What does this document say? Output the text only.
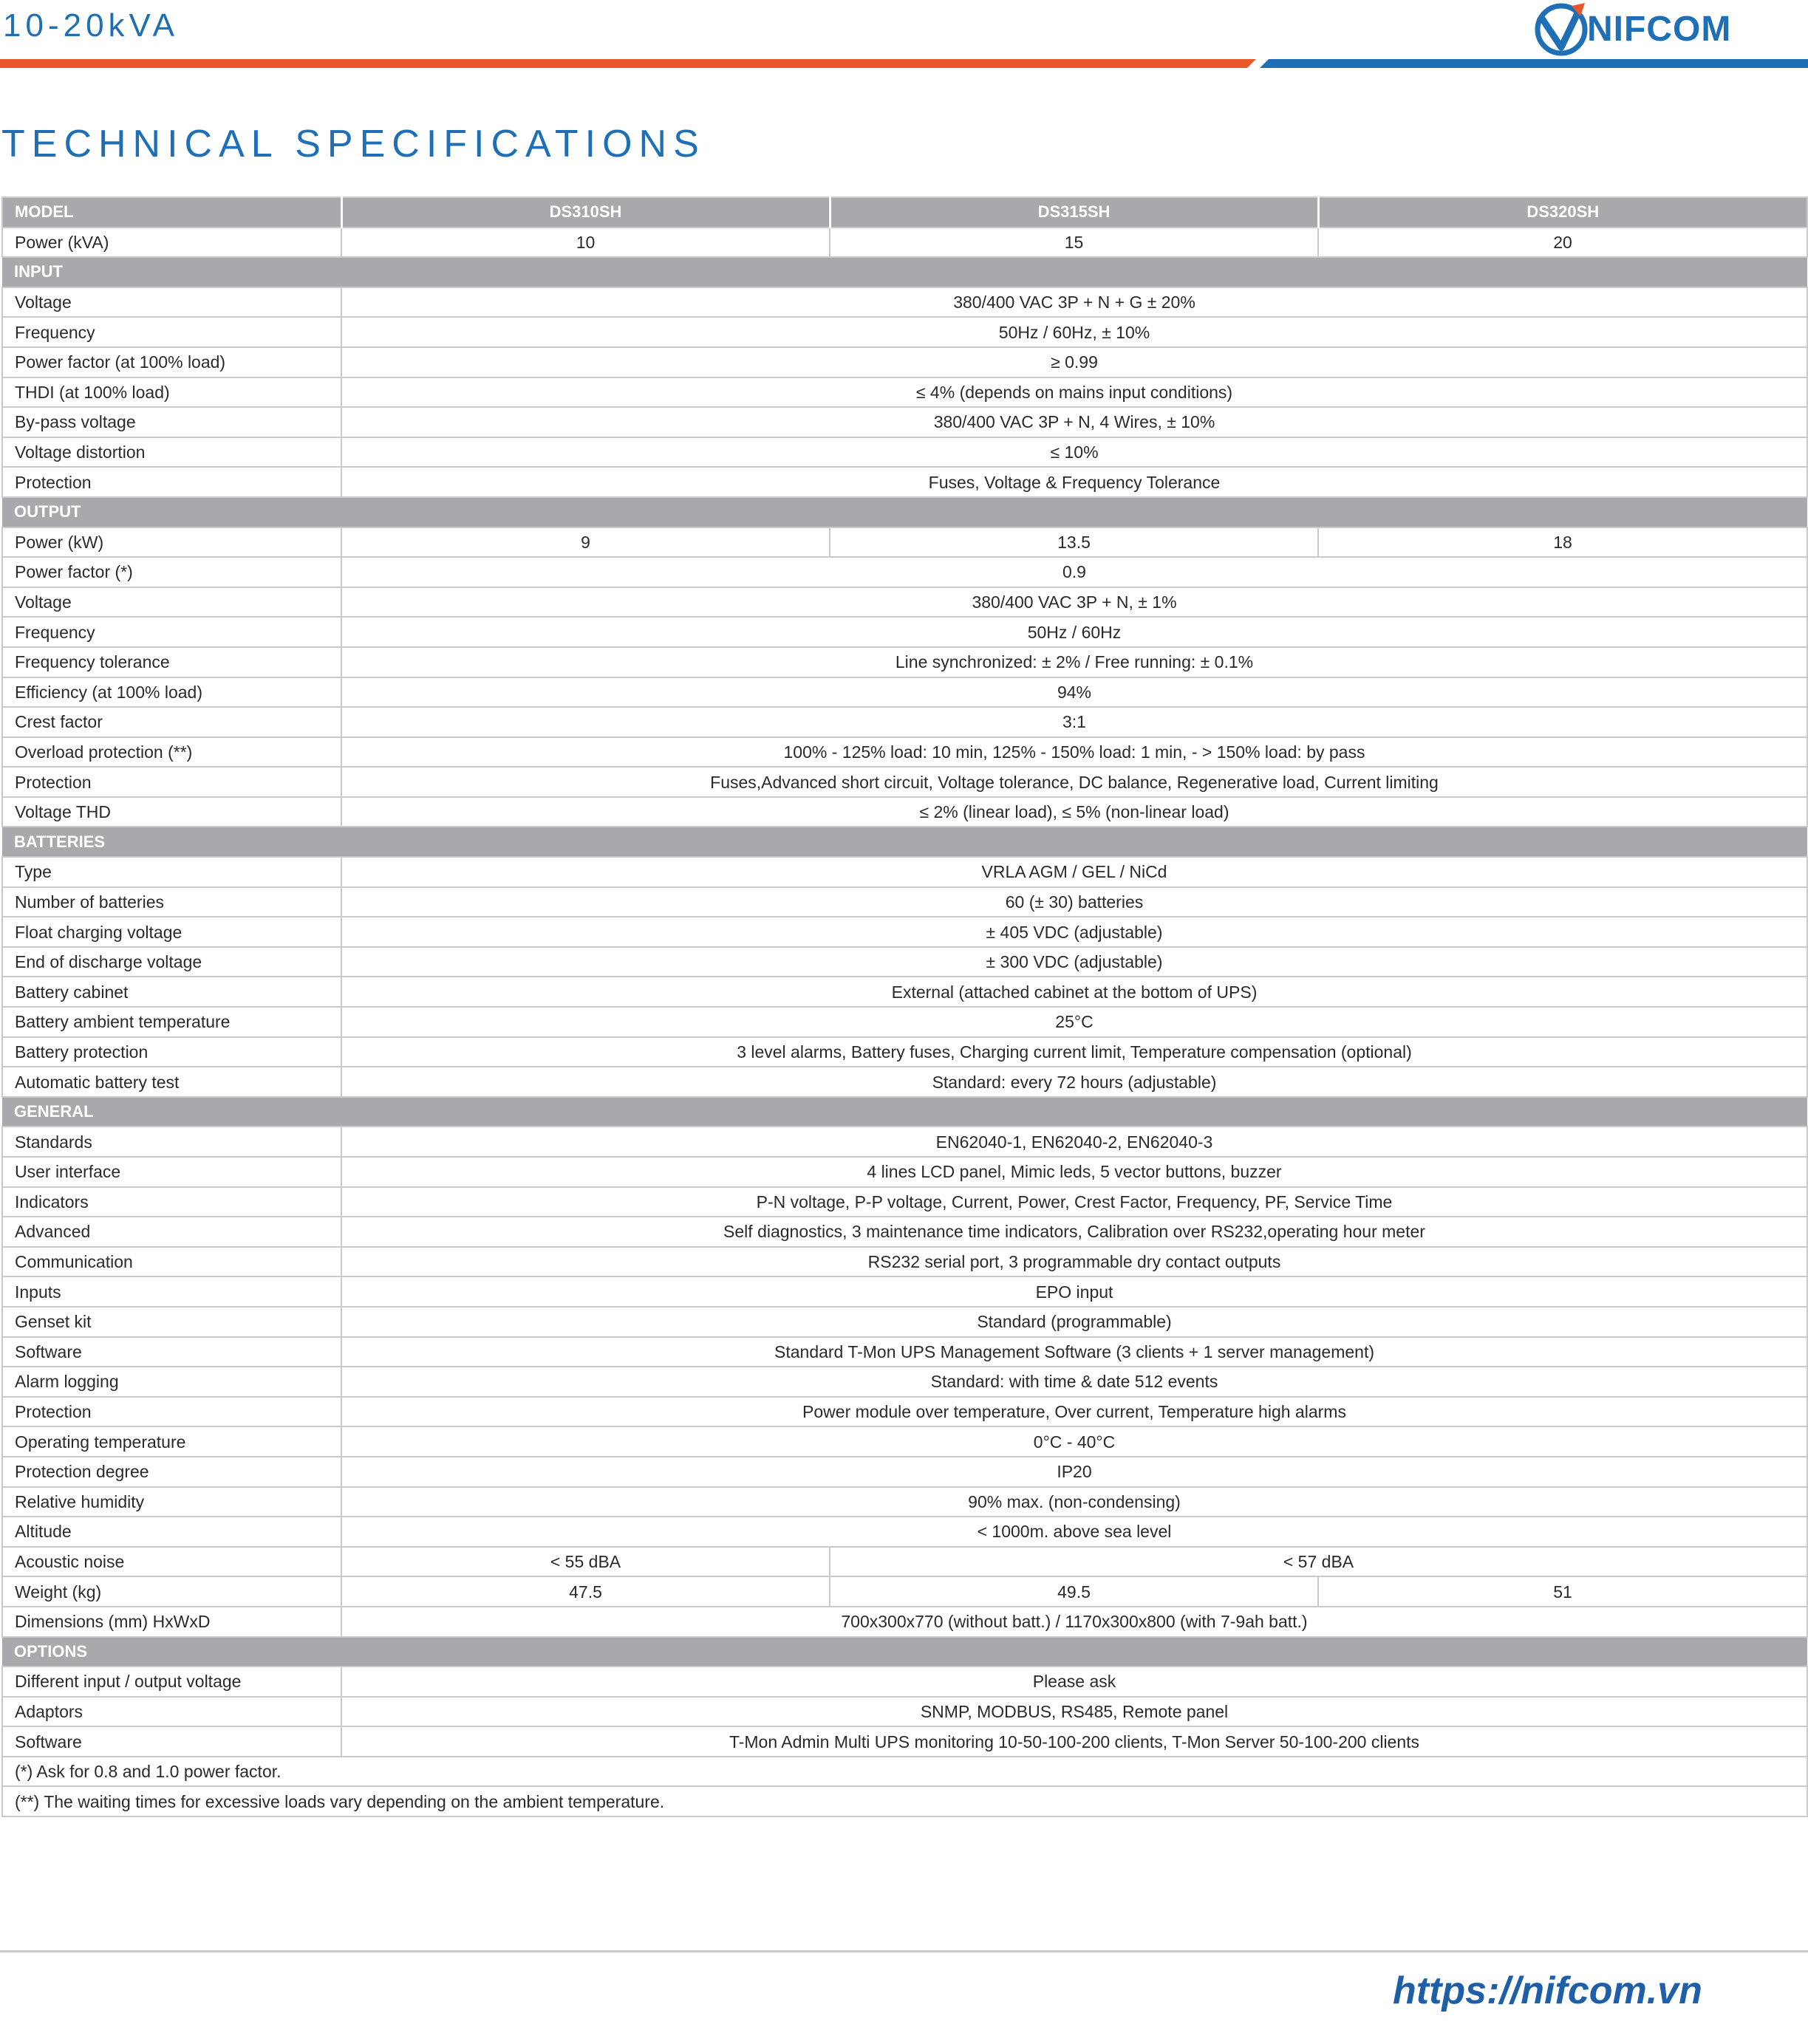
10-20kVA	NIFCOM
TECHNICAL SPECIFICATIONS
MODEL	DS310SH	DS315SH	DS320SH
Power (kVA)	10	15	20
INPUT			
Voltage	380/400 VAC 3P + N + G ± 20%		
Frequency	50Hz / 60Hz, ± 10%		
Power factor (at 100% load)	≥ 0.99		
THDI (at 100% load)	≤ 4% (depends on mains input conditions)		
By-pass voltage	380/400 VAC 3P + N, 4 Wires, ± 10%		
Voltage distortion	≤ 10%		
Protection	Fuses, Voltage & Frequency Tolerance		
OUTPUT			
Power (kW)	9	13.5	18
Power factor (*)	0.9		
Voltage	380/400 VAC 3P + N, ± 1%		
Frequency	50Hz / 60Hz		
Frequency tolerance	Line synchronized: ± 2% / Free running: ± 0.1%		
Efficiency (at 100% load)	94%		
Crest factor	3:1		
Overload protection (**)	100% - 125% load: 10 min, 125% - 150% load: 1 min, - > 150% load: by pass		
Protection	Fuses,Advanced short circuit, Voltage tolerance, DC balance, Regenerative load, Current limiting		
Voltage THD	≤ 2% (linear load), ≤ 5% (non-linear load)		
BATTERIES			
Type	VRLA AGM / GEL / NiCd		
Number of batteries	60 (± 30) batteries		
Float charging voltage	± 405 VDC (adjustable)		
End of discharge voltage	± 300 VDC (adjustable)		
Battery cabinet	External (attached cabinet at the bottom of UPS)		
Battery ambient temperature	25°C		
Battery protection	3 level alarms, Battery fuses, Charging current limit, Temperature compensation (optional)		
Automatic battery test	Standard: every 72 hours (adjustable)		
GENERAL			
Standards	EN62040-1, EN62040-2, EN62040-3		
User interface	4 lines LCD panel, Mimic leds, 5 vector buttons, buzzer		
Indicators	P-N voltage, P-P voltage, Current, Power, Crest Factor, Frequency, PF, Service Time		
Advanced	Self diagnostics, 3 maintenance time indicators, Calibration over RS232,operating hour meter		
Communication	RS232 serial port, 3 programmable dry contact outputs		
Inputs	EPO input		
Genset kit	Standard (programmable)		
Software	Standard T-Mon UPS Management Software (3 clients + 1 server management)		
Alarm logging	Standard: with time & date 512 events		
Protection	Power module over temperature, Over current, Temperature high alarms		
Operating temperature	0°C - 40°C		
Protection degree	IP20		
Relative humidity	90% max. (non-condensing)		
Altitude	< 1000m. above sea level		
Acoustic noise	< 55 dBA	< 57 dBA	
Weight (kg)	47.5	49.5	51
Dimensions (mm) HxWxD	700x300x770 (without batt.) / 1170x300x800 (with 7-9ah batt.)		
OPTIONS			
Different input / output voltage	Please ask		
Adaptors	SNMP, MODBUS, RS485, Remote panel		
Software	T-Mon Admin Multi UPS monitoring 10-50-100-200 clients, T-Mon Server 50-100-200 clients		
(*) Ask for 0.8 and 1.0 power factor.			
(**) The waiting times for excessive loads vary depending on the ambient temperature.			
https://nifcom.vn
